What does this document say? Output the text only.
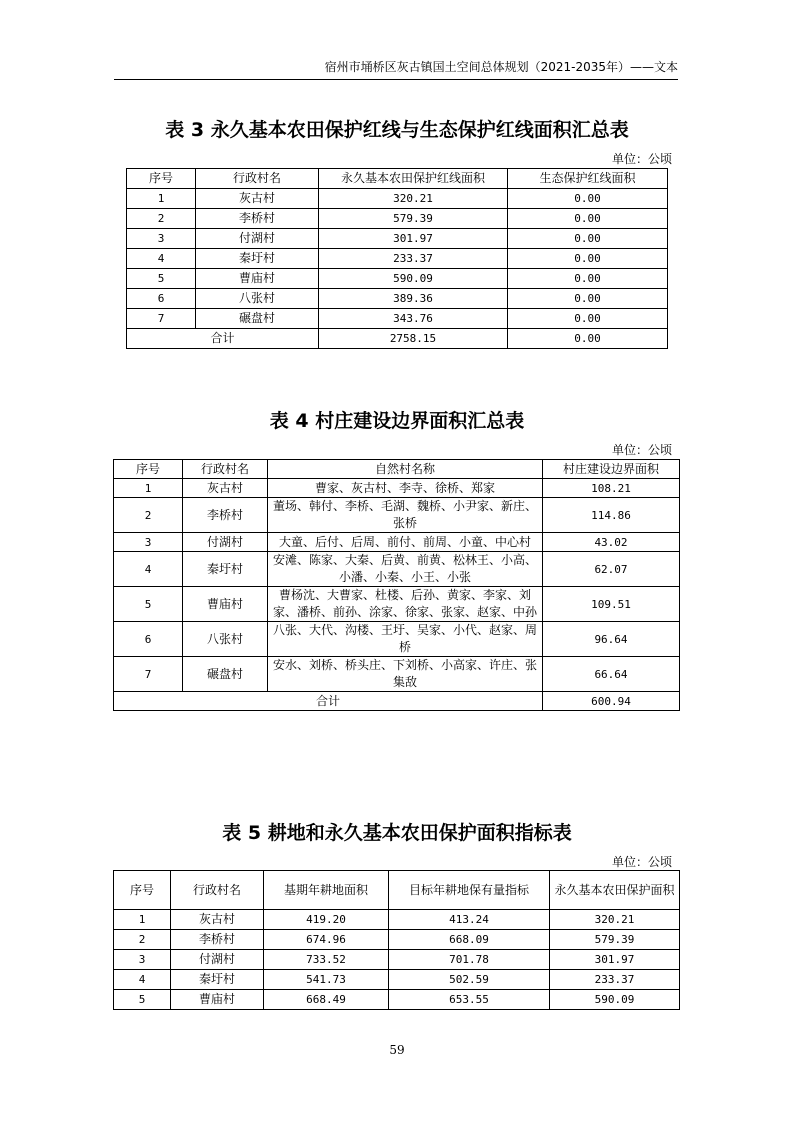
宿州市埇桥区灰古镇国土空间总体规划（2021-2035年）——文本
表 3 永久基本农田保护红线与生态保护红线面积汇总表
单位：公顷
序号	行政村名	永久基本农田保护红线面积	生态保护红线面积
1	灰古村	320.21	0.00
2	李桥村	579.39	0.00
3	付湖村	301.97	0.00
4	秦圩村	233.37	0.00
5	曹庙村	590.09	0.00
6	八张村	389.36	0.00
7	碾盘村	343.76	0.00
合计		2758.15	0.00
表 4 村庄建设边界面积汇总表
单位：公顷
序号	行政村名	自然村名称	村庄建设边界面积
1	灰古村	曹家、灰古村、李寺、徐桥、郑家	108.21
2	李桥村	董场、韩付、李桥、毛湖、魏桥、小尹家、新庄、张桥	114.86
3	付湖村	大童、后付、后周、前付、前周、小童、中心村	43.02
4	秦圩村	安滩、陈家、大秦、后黄、前黄、松林王、小高、小潘、小秦、小王、小张	62.07
5	曹庙村	曹杨沈、大曹家、杜楼、后孙、黄家、李家、刘家、潘桥、前孙、涂家、徐家、张家、赵家、中孙	109.51
6	八张村	八张、大代、沟楼、王圩、吴家、小代、赵家、周桥	96.64
7	碾盘村	安水、刘桥、桥头庄、下刘桥、小高家、许庄、张集敌	66.64
合计			600.94
表 5 耕地和永久基本农田保护面积指标表
单位：公顷
序号	行政村名	基期年耕地面积	目标年耕地保有量指标	永久基本农田保护面积
1	灰古村	419.20	413.24	320.21
2	李桥村	674.96	668.09	579.39
3	付湖村	733.52	701.78	301.97
4	秦圩村	541.73	502.59	233.37
5	曹庙村	668.49	653.55	590.09
59
